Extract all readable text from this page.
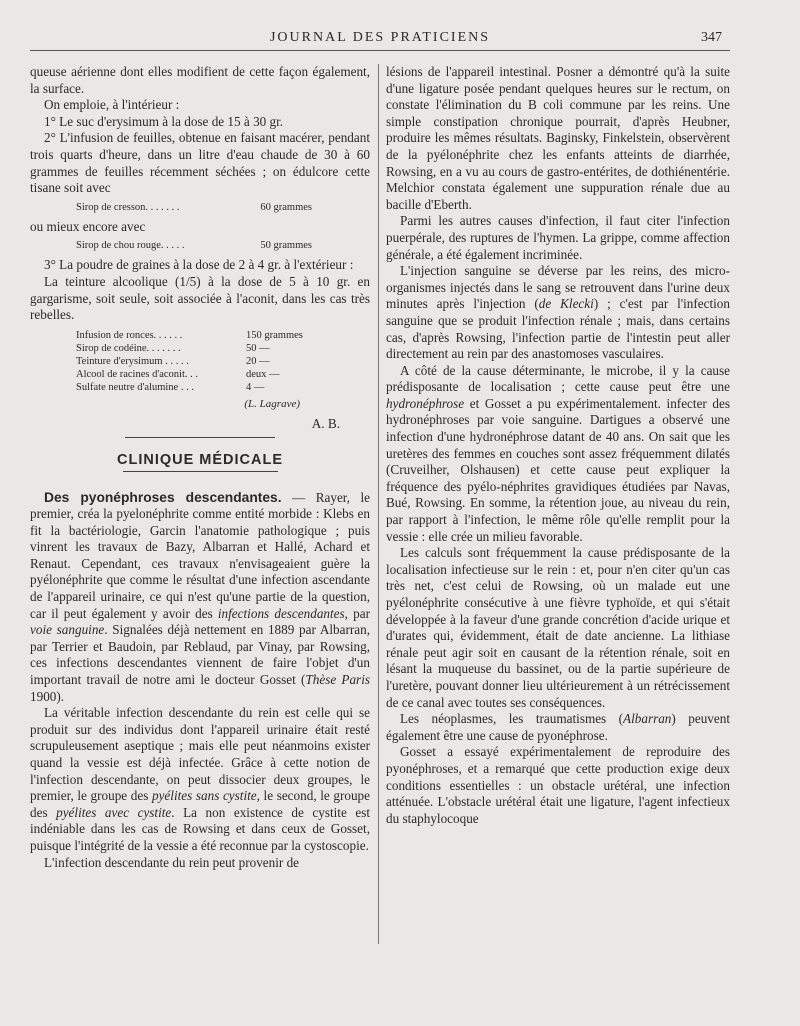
JOURNAL DES PRATICIENS	347

queuse aérienne dont elles modifient de cette façon également, la surface.

On emploie, à l'intérieur :

1° Le suc d'erysimum à la dose de 15 à 30 gr.

2° L'infusion de feuilles, obtenue en faisant macérer, pendant trois quarts d'heure, dans un litre d'eau chaude de 30 à 60 grammes de feuilles récemment séchées ; on édulcore cette tisane soit avec

Sirop de cresson. . . . . . .	60 grammes

ou mieux encore avec

Sirop de chou rouge. . . . .	50 grammes

3° La poudre de graines à la dose de 2 à 4 gr. à l'extérieur :

La teinture alcoolique (1/5) à la dose de 5 à 10 gr. en gargarisme, soit seule, soit associée à l'aconit, dans les cas très rebelles.

Infusion de ronces. . . . . .	150 grammes
Sirop de codéine. . . . . . .	50 —
Teinture d'erysimum . . . . .	20 —
Alcool de racines d'aconit. . .	deux —
Sulfate neutre d'alumine . . .	4 —
(L. Lagrave)
A. B.
CLINIQUE MÉDICALE

Des pyonéphroses descendantes. — Rayer, le premier, créa la pyelonéphrite comme entité morbide : Klebs en fit la bactériologie, Garcin l'anatomie pathologique ; puis vinrent les travaux de Bazy, Albarran et Hallé, Achard et Renaut. Cependant, ces travaux n'envisageaient guère la pyélonéphrite que comme le résultat d'une infection ascendante de l'appareil urinaire, ce qui n'est qu'une partie de la question, car il peut également y avoir des infections descendantes, par voie sanguine. Signalées déjà nettement en 1889 par Albarran, par Terrier et Baudoin, par Reblaud, par Vinay, par Rowsing, ces infections descendantes viennent de faire l'objet d'un important travail de notre ami le docteur Gosset (Thèse Paris 1900).

La véritable infection descendante du rein est celle qui se produit sur des individus dont l'appareil urinaire était resté scrupuleusement aseptique ; mais elle peut néanmoins exister quand la vessie est déjà infectée. Grâce à cette notion de l'infection descendante, on peut dissocier deux groupes, le premier, le groupe des pyélites sans cystite, le second, le groupe des pyélites avec cystite. La non existence de cystite est indéniable dans les cas de Rowsing et dans ceux de Gosset, puisque l'intégrité de la vessie a été reconnue par la cystoscopie.

L'infection descendante du rein peut provenir de

lésions de l'appareil intestinal. Posner a démontré qu'à la suite d'une ligature posée pendant quelques heures sur le rectum, on constate l'élimination du B coli commune par les reins. Une simple constipation chronique pourrait, d'après Heubner, produire les mêmes résultats. Baginsky, Finkelstein, observèrent de la pyélonéphrite chez les enfants atteints de diarrhée, Rowsing, en a vu au cours de gastro-entérites, de dothiénentérie. Melchior constata également une suppuration rénale due au bacille d'Eberth.

Parmi les autres causes d'infection, il faut citer l'infection puerpérale, des ruptures de l'hymen. La grippe, comme affection générale, a été également incriminée.

L'injection sanguine se déverse par les reins, des micro-organismes injectés dans le sang se retrouvent dans l'urine deux minutes après l'injection (de Klecki) ; c'est par l'infection sanguine que se produit l'infection rénale ; mais, dans certains cas, d'après Rowsing, l'infection partie de l'intestin peut aller directement au rein par des anastomoses vasculaires.

A côté de la cause déterminante, le microbe, il y la cause prédisposante de localisation ; cette cause peut être une hydronéphrose et Gosset a pu expérimentalement. infecter des hydronéphroses par voie sanguine. Dartigues a observé une infection d'une hydronéphrose datant de 40 ans. On sait que les uretères des femmes en couches sont assez fréquemment dilatés (Cruveilher, Olshausen) et cette cause peut expliquer la fréquence des pyélo-néphrites gravidiques étudiées par Navas, Bué, Rowsing. En somme, la rétention joue, au niveau du rein, par rapport à l'infection, le même rôle qu'elle remplit pour la vessie : elle crée un milieu favorable.

Les calculs sont fréquemment la cause prédisposante de la localisation infectieuse sur le rein : et, pour n'en citer qu'un cas très net, c'est celui de Rowsing, où un malade eut une pyélonéphrite consécutive à une fièvre typhoïde, et qui s'était développée à la faveur d'une grande concrétion d'acide urique et d'urates qui, évidemment, était de date ancienne. La lithiase rénale peut agir soit en causant de la rétention rénale, soit en lésant la muqueuse du bassinet, ou de la partie supérieure de l'uretère, pouvant donner lieu ultérieurement à un rétrécissement de ce canal avec toutes ses conséquences.

Les néoplasmes, les traumatismes (Albarran) peuvent également être une cause de pyonéphrose.

Gosset a essayé expérimentalement de reproduire des pyonéphroses, et a remarqué que cette production exige deux conditions essentielles : un obstacle urétéral, une infection atténuée. L'obstacle urétéral était une ligature, l'agent infectieux du staphylocoque
